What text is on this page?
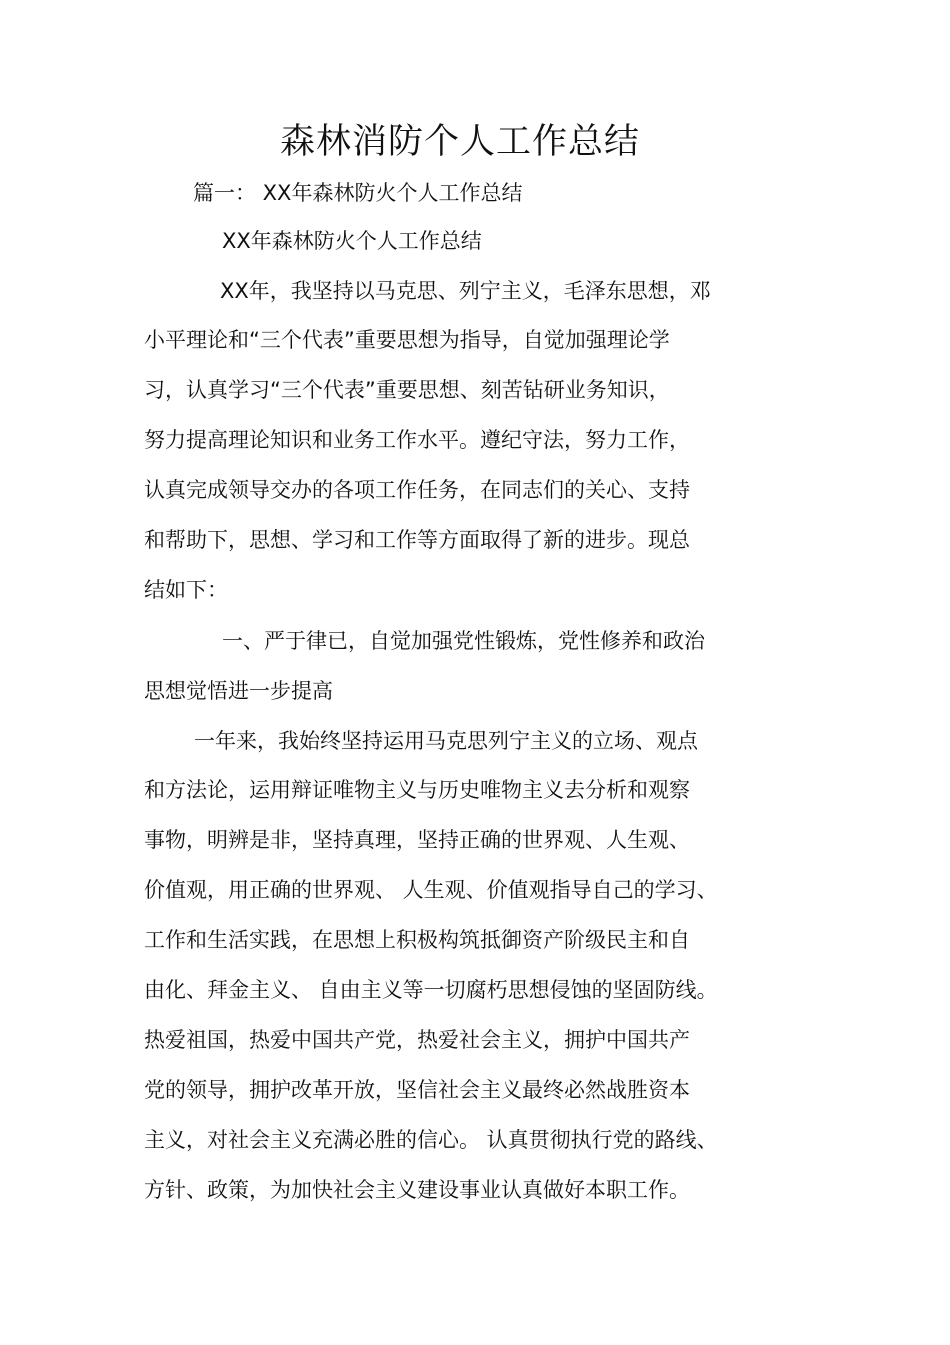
森林消防个人工作总结
篇一： XX年森林防火个人工作总结
XX年森林防火个人工作总结
XX年，我坚持以马克思、列宁主义，毛泽东思想，邓
小平理论和“三个代表”重要思想为指导，自觉加强理论学
习，认真学习“三个代表”重要思想、刻苦钻研业务知识，
努力提高理论知识和业务工作水平。遵纪守法，努力工作，
认真完成领导交办的各项工作任务，在同志们的关心、支持
和帮助下，思想、学习和工作等方面取得了新的进步。现总
结如下：
一、严于律已，自觉加强党性锻炼，党性修养和政治
思想觉悟进一步提高
一年来，我始终坚持运用马克思列宁主义的立场、观点
和方法论，运用辩证唯物主义与历史唯物主义去分析和观察
事物，明辨是非，坚持真理，坚持正确的世界观、人生观、
价值观，用正确的世界观、 人生观、价值观指导自己的学习、
工作和生活实践，在思想上积极构筑抵御资产阶级民主和自
由化、拜金主义、 自由主义等一切腐朽思想侵蚀的坚固防线。
热爱祖国，热爱中国共产党，热爱社会主义，拥护中国共产
党的领导，拥护改革开放，坚信社会主义最终必然战胜资本
主义，对社会主义充满必胜的信心。 认真贯彻执行党的路线、
方针、政策，为加快社会主义建设事业认真做好本职工作。
